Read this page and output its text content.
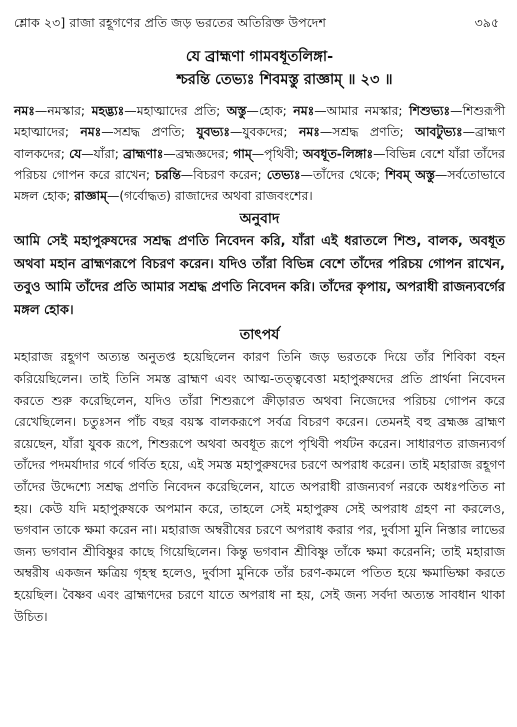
শ্লোক ২৩] রাজা রহূগণের প্রতি জড় ভরতের অতিরিক্ত উপদেশ	৩৯৫
যে ব্রাহ্মণা গামবধূতলিঙ্গা-
শ্চরন্তি তেভ্যঃ শিবমস্তু রাজ্ঞাম্ ॥ ২৩ ॥
নমঃ—নমস্কার; মহদ্ভ্যঃ—মহাত্মাদের প্রতি; অস্তু—হোক; নমঃ—আমার নমস্কার; শিশুভ্যঃ—শিশুরূপী মহাত্মাদের; নমঃ—সশ্রদ্ধ প্রণতি; যুবভ্যঃ—যুবকদের; নমঃ—সশ্রদ্ধ প্রণতি; আবটুভ্যঃ—ব্রাহ্মণ বালকদের; যে—যাঁরা; ব্রাহ্মণাঃ—ব্রহ্মজ্ঞদের; গাম্—পৃথিবী; অবধূত-লিঙ্গাঃ—বিভিন্ন বেশে যাঁরা তাঁদের পরিচয় গোপন করে রাখেন; চরন্তি—বিচরণ করেন; তেভ্যঃ—তাঁদের থেকে; শিবম্ অস্তু—সর্বতোভাবে মঙ্গল হোক; রাজ্ঞাম্—(গর্বোদ্ধত) রাজাদের অথবা রাজবংশের।
অনুবাদ
আমি সেই মহাপুরুষদের সশ্রদ্ধ প্রণতি নিবেদন করি, যাঁরা এই ধরাতলে শিশু, বালক, অবধূত অথবা মহান ব্রাহ্মণরূপে বিচরণ করেন। যদিও তাঁরা বিভিন্ন বেশে তাঁদের পরিচয় গোপন রাখেন, তবুও আমি তাঁদের প্রতি আমার সশ্রদ্ধ প্রণতি নিবেদন করি। তাঁদের কৃপায়, অপরাধী রাজন্যবর্গের মঙ্গল হোক।
তাৎপর্য
মহারাজ রহূগণ অত্যন্ত অনুতপ্ত হয়েছিলেন কারণ তিনি জড় ভরতকে দিয়ে তাঁর শিবিকা বহন করিয়েছিলেন। তাই তিনি সমস্ত ব্রাহ্মণ এবং আত্ম-তত্ত্ববেত্তা মহাপুরুষদের প্রতি প্রার্থনা নিবেদন করতে শুরু করেছিলেন, যদিও তাঁরা শিশুরূপে ক্রীড়ারত অথবা নিজেদের পরিচয় গোপন করে রেখেছিলেন। চতুঃসন পাঁচ বছর বয়স্ক বালকরূপে সর্বত্র বিচরণ করেন। তেমনই বহু ব্রহ্মজ্ঞ ব্রাহ্মণ রয়েছেন, যাঁরা যুবক রূপে, শিশুরূপে অথবা অবধূত রূপে পৃথিবী পর্যটন করেন। সাধারণত রাজন্যবর্গ তাঁদের পদমর্যাদার গর্বে গর্বিত হয়ে, এই সমস্ত মহাপুরুষদের চরণে অপরাধ করেন। তাই মহারাজ রহূগণ তাঁদের উদ্দেশ্যে সশ্রদ্ধ প্রণতি নিবেদন করেছিলেন, যাতে অপরাধী রাজন্যবর্গ নরকে অধঃপতিত না হয়। কেউ যদি মহাপুরুষকে অপমান করে, তাহলে সেই মহাপুরুষ সেই অপরাধ গ্রহণ না করলেও, ভগবান তাকে ক্ষমা করেন না। মহারাজ অম্বরীষের চরণে অপরাধ করার পর, দুর্বাসা মুনি নিস্তার লাভের জন্য ভগবান শ্রীবিষ্ণুর কাছে গিয়েছিলেন। কিন্তু ভগবান শ্রীবিষ্ণু তাঁকে ক্ষমা করেননি; তাই মহারাজ অম্বরীষ একজন ক্ষত্রিয় গৃহস্থ হলেও, দুর্বাসা মুনিকে তাঁর চরণ-কমলে পতিত হয়ে ক্ষমাভিক্ষা করতে হয়েছিল। বৈষ্ণব এবং ব্রাহ্মণদের চরণে যাতে অপরাধ না হয়, সেই জন্য সর্বদা অত্যন্ত সাবধান থাকা উচিত।
